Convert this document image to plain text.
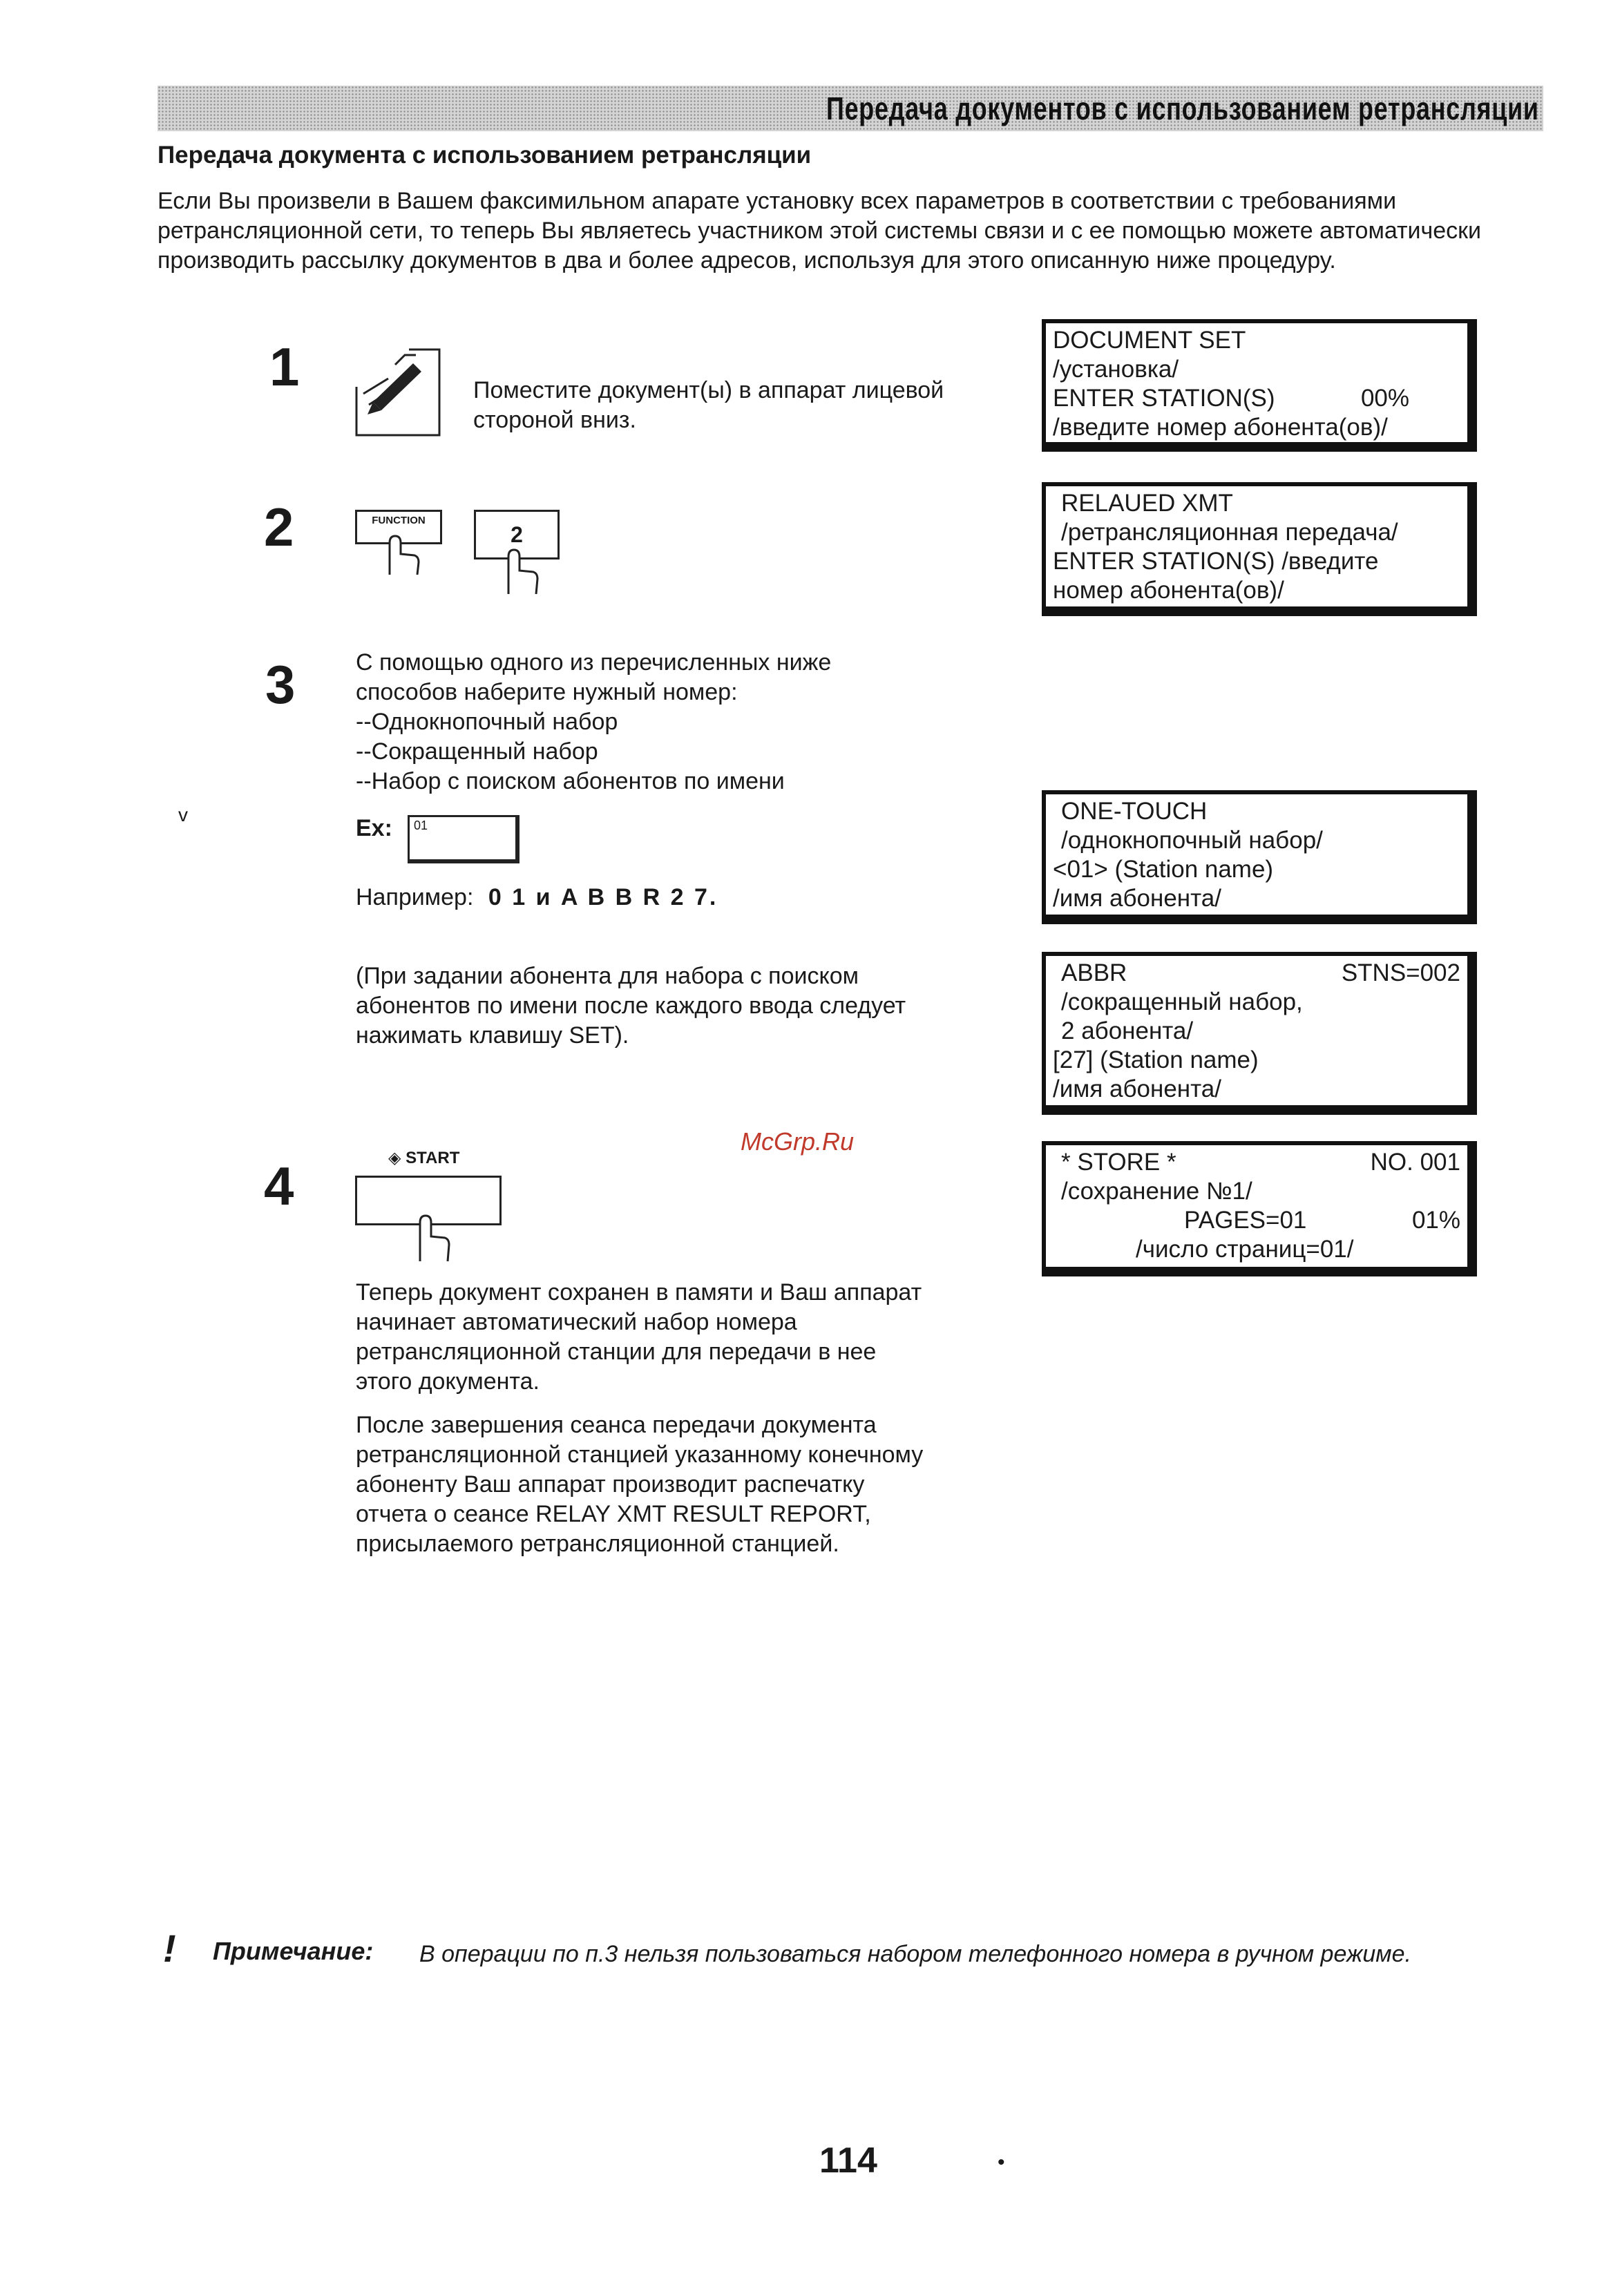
Передача документов с использованием ретрансляции
Передача документа с использованием ретрансляции
Если Вы произвели в Вашем факсимильном апарате установку всех параметров в соответствии с требованиями ретрансляционной сети, то теперь Вы являетесь участником этой системы связи и с ее помощью можете автоматически производить рассылку документов в два и более адресов, используя для этого описанную ниже процедуру.
1	Поместите документ(ы) в аппарат лицевой стороной вниз.
DOCUMENT SET
/установка/
ENTER STATION(S)	00%
/введите номер абонента(ов)/
2	FUNCTION
2
RELAUED XMT
/ретрансляционная передача/
ENTER STATION(S) /введите
номер абонента(ов)/
3	С помощью одного из перечисленных ниже
способов наберите нужный номер:
--Однокнопочный набор
--Сокращенный набор
--Набор с поиском абонентов по имени
v
Ex:	01
Например: 0 1 и A B B R 2 7.
(При задании абонента для набора с поиском
абонентов по имени после каждого ввода следует
нажимать клавишу SET).
ONE-TOUCH
/однокнопочный набор/
<01> (Station name)
/имя абонента/
ABBR	STNS=002
/сокращенный набор,
2 абонента/
[27] (Station name)
/имя абонента/
McGrp.Ru
4	◈ START	* STORE *	NO. 001
/сохранение №1/
PAGES=01	01%
/число страниц=01/
Теперь документ сохранен в памяти и Ваш аппарат
начинает автоматический набор номера
ретрансляционной станции для передачи в нее
этого документа.
После завершения сеанса передачи документа
ретрансляционной станцией указанному конечному
абоненту Ваш аппарат производит распечатку
отчета о сеансе RELAY XMT RESULT REPORT,
присылаемого ретрансляционной станцией.
! Примечание: В операции по п.3 нельзя пользоваться набором телефонного номера в ручном режиме.
114	•
